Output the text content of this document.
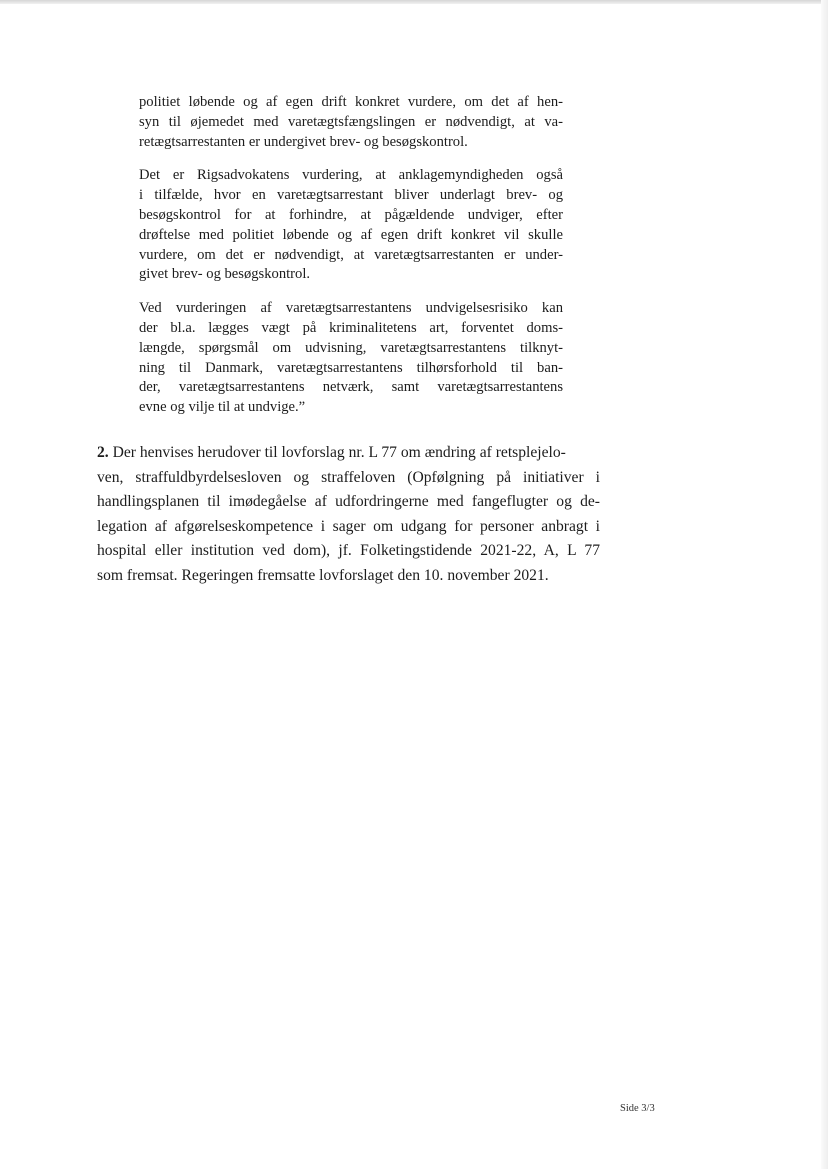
politiet løbende og af egen drift konkret vurdere, om det af hen-
syn til øjemedet med varetægtsfængslingen er nødvendigt, at va-
retægtsarrestanten er undergivet brev- og besøgskontrol.
Det er Rigsadvokatens vurdering, at anklagemyndigheden også
i tilfælde, hvor en varetægtsarrestant bliver underlagt brev- og
besøgskontrol for at forhindre, at pågældende undviger, efter
drøftelse med politiet løbende og af egen drift konkret vil skulle
vurdere, om det er nødvendigt, at varetægtsarrestanten er under-
givet brev- og besøgskontrol.
Ved vurderingen af varetægtsarrestantens undvigelsesrisiko kan
der bl.a. lægges vægt på kriminalitetens art, forventet doms-
længde, spørgsmål om udvisning, varetægtsarrestantens tilknyt-
ning til Danmark, varetægtsarrestantens tilhørsforhold til ban-
der, varetægtsarrestantens netværk, samt varetægtsarrestantens
evne og vilje til at undvige.”
2. Der henvises herudover til lovforslag nr. L 77 om ændring af retsplejelo-
ven, straffuldbyrdelsesloven og straffeloven (Opfølgning på initiativer i
handlingsplanen til imødegåelse af udfordringerne med fangeflugter og de-
legation af afgørelseskompetence i sager om udgang for personer anbragt i
hospital eller institution ved dom), jf. Folketingstidende 2021-22, A, L 77
som fremsat. Regeringen fremsatte lovforslaget den 10. november 2021.
Side 3/3
